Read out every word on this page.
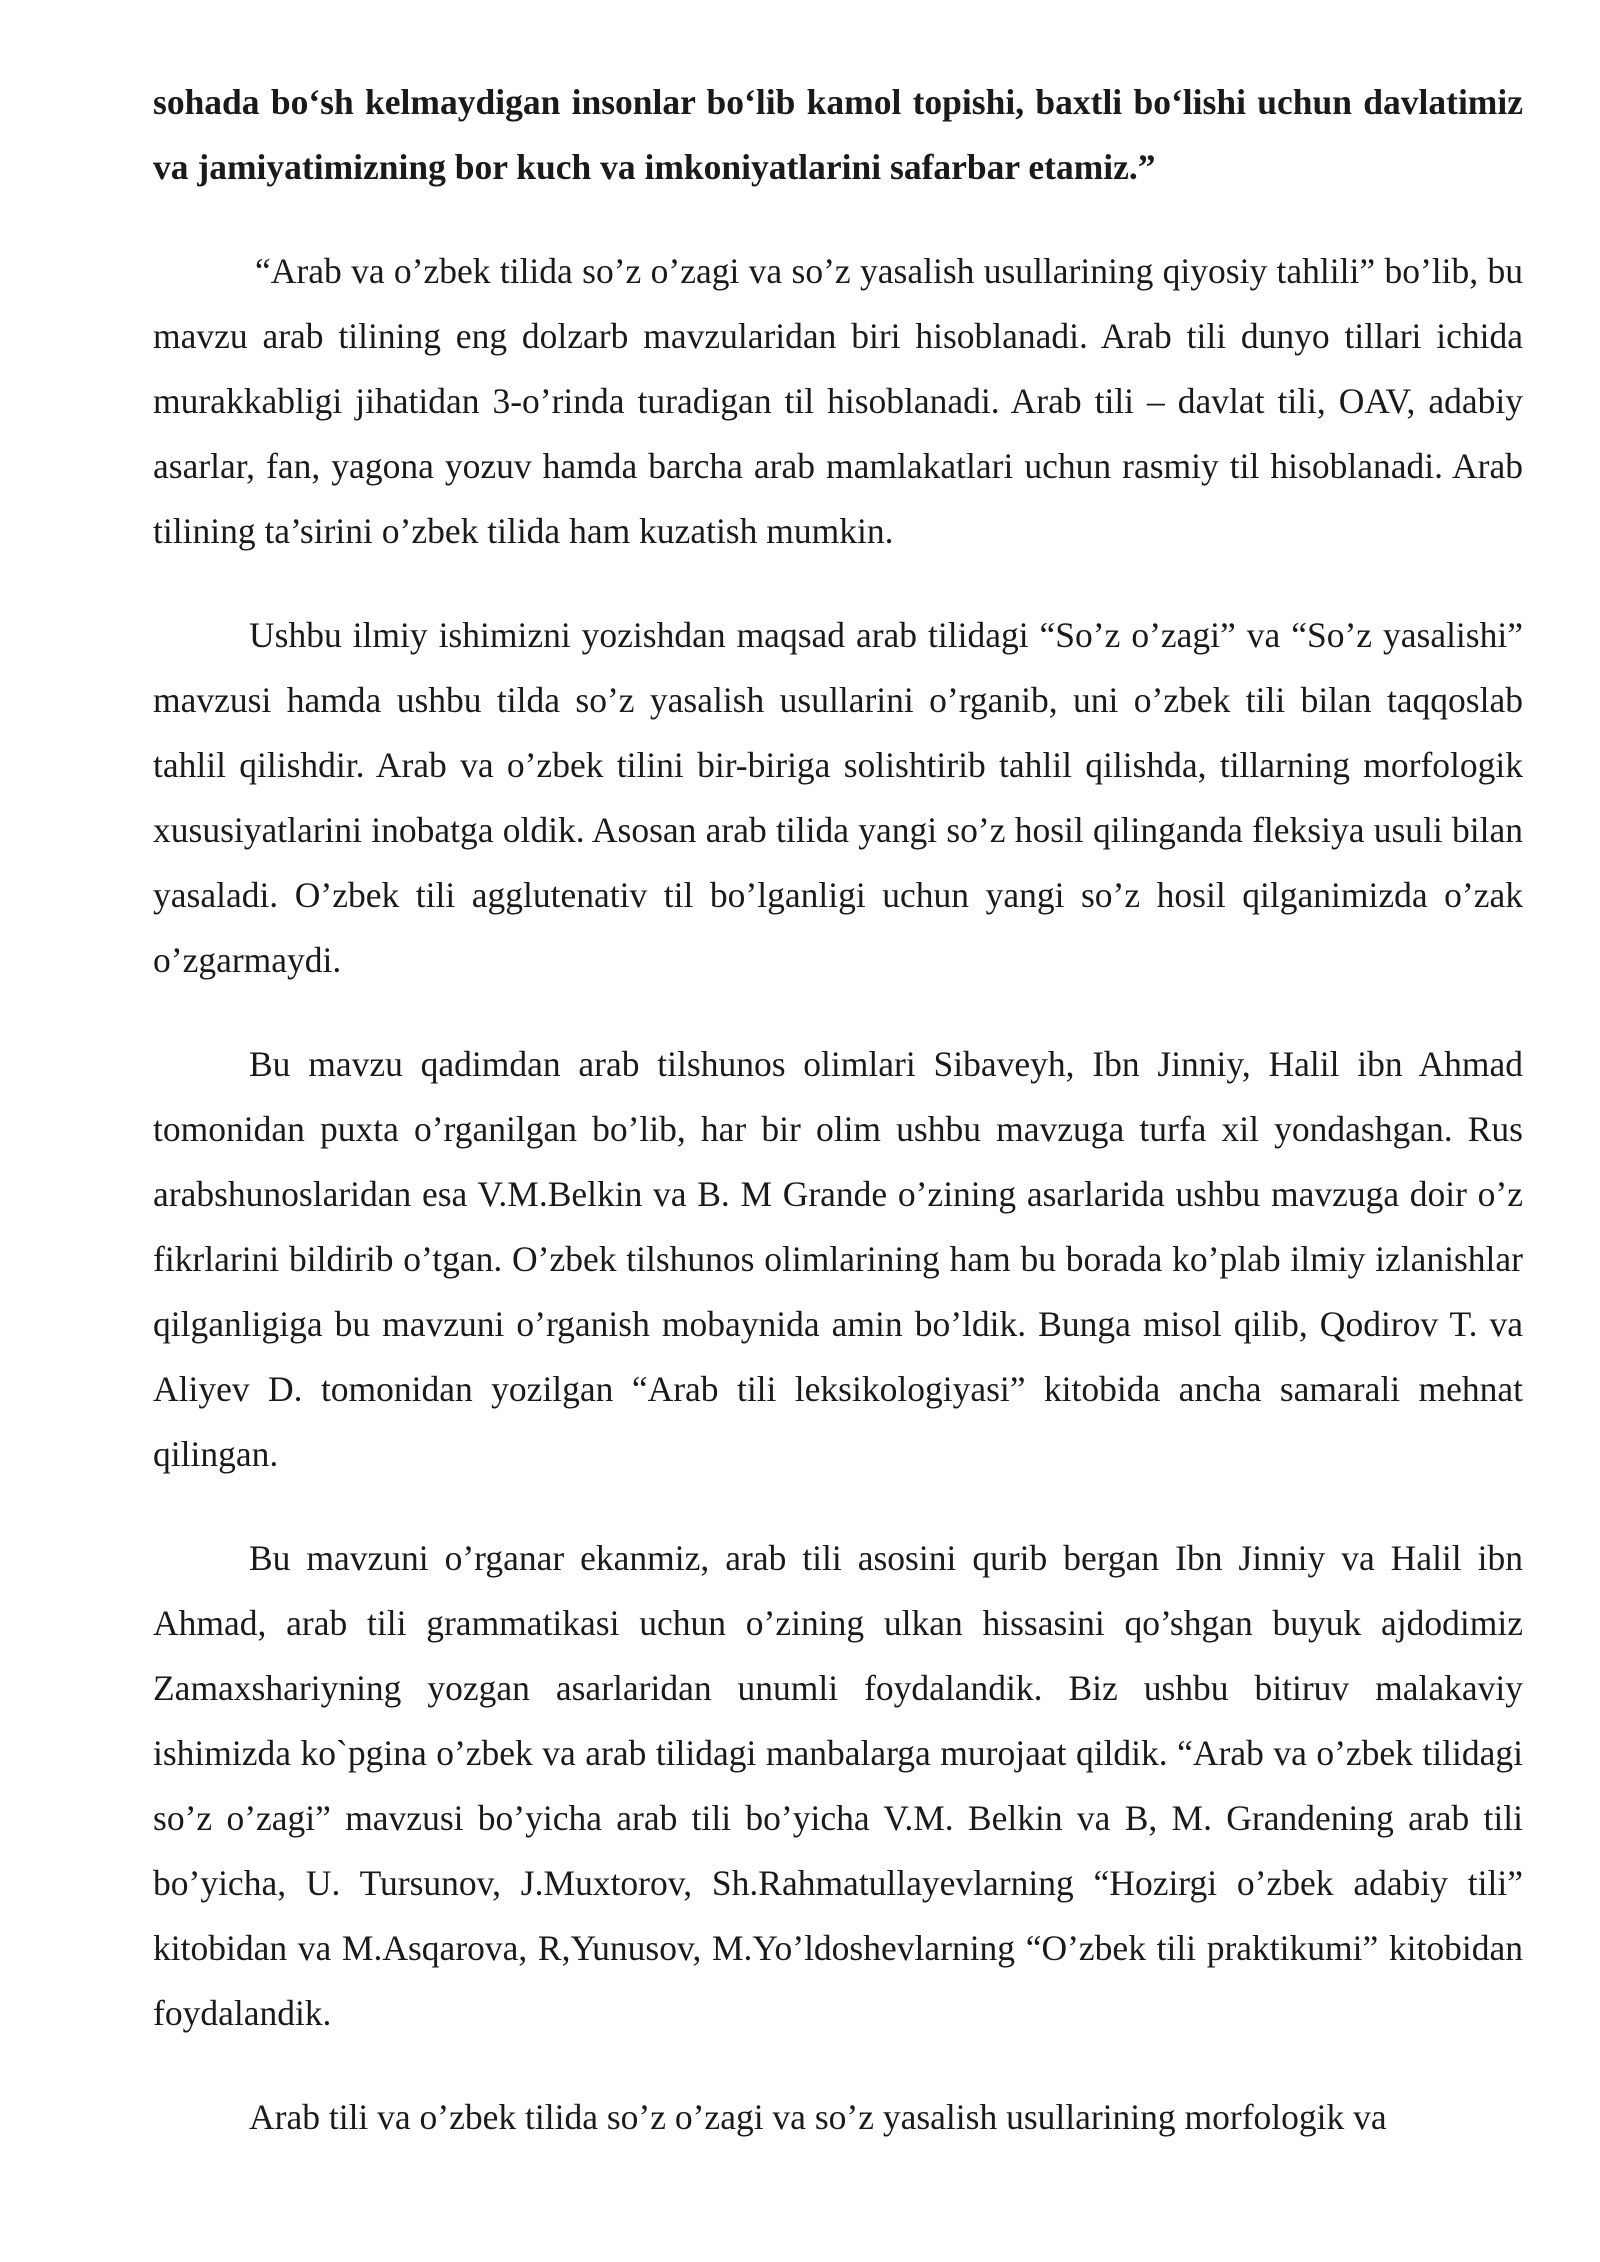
sohada bo‘sh kelmaydigan insonlar bo‘lib kamol topishi, baxtli bo‘lishi uchun davlatimiz va jamiyatimizning bor kuch va imkoniyatlarini safarbar etamiz.”

“Arab va o’zbek tilida so’z o’zagi va so’z yasalish usullarining qiyosiy tahlili” bo’lib, bu mavzu arab tilining eng dolzarb mavzularidan biri hisoblanadi. Arab tili dunyo tillari ichida murakkabligi jihatidan 3-o’rinda turadigan til hisoblanadi. Arab tili – davlat tili, OAV, adabiy asarlar, fan, yagona yozuv hamda barcha arab mamlakatlari uchun rasmiy til hisoblanadi. Arab tilining ta’sirini o’zbek tilida ham kuzatish mumkin.

Ushbu ilmiy ishimizni yozishdan maqsad arab tilidagi “So’z o’zagi” va “So’z yasalishi” mavzusi hamda ushbu tilda so’z yasalish usullarini o’rganib, uni o’zbek tili bilan taqqoslab tahlil qilishdir. Arab va o’zbek tilini bir-biriga solishtirib tahlil qilishda, tillarning morfologik xususiyatlarini inobatga oldik. Asosan arab tilida yangi so’z hosil qilinganda fleksiya usuli bilan yasaladi. O’zbek tili agglutenativ til bo’lganligi uchun yangi so’z hosil qilganimizda o’zak o’zgarmaydi.

Bu mavzu qadimdan arab tilshunos olimlari Sibaveyh, Ibn Jinniy, Halil ibn Ahmad tomonidan puxta o’rganilgan bo’lib, har bir olim ushbu mavzuga turfa xil yondashgan. Rus arabshunoslaridan esa V.M.Belkin va B. M Grande o’zining asarlarida ushbu mavzuga doir o’z fikrlarini bildirib o’tgan. O’zbek tilshunos olimlarining ham bu borada ko’plab ilmiy izlanishlar qilganligiga bu mavzuni o’rganish mobaynida amin bo’ldik. Bunga misol qilib, Qodirov T. va Aliyev D. tomonidan yozilgan “Arab tili leksikologiyasi” kitobida ancha samarali mehnat qilingan.

Bu mavzuni o’rganar ekanmiz, arab tili asosini qurib bergan Ibn Jinniy va Halil ibn Ahmad, arab tili grammatikasi uchun o’zining ulkan hissasini qo’shgan buyuk ajdodimiz Zamaxshariyning yozgan asarlaridan unumli foydalandik. Biz ushbu bitiruv malakaviy ishimizda ko`pgina o’zbek va arab tilidagi manbalarga murojaat qildik. “Arab va o’zbek tilidagi so’z o’zagi” mavzusi bo’yicha arab tili bo’yicha V.M. Belkin va B, M. Grandening arab tili bo’yicha, U. Tursunov, J.Muxtorov, Sh.Rahmatullayevlarning “Hozirgi o’zbek adabiy tili” kitobidan va M.Asqarova, R,Yunusov, M.Yo’ldoshevlarning “O’zbek tili praktikumi” kitobidan foydalandik.

Arab tili va o’zbek tilida so’z o’zagi va so’z yasalish usullarining morfologik va
